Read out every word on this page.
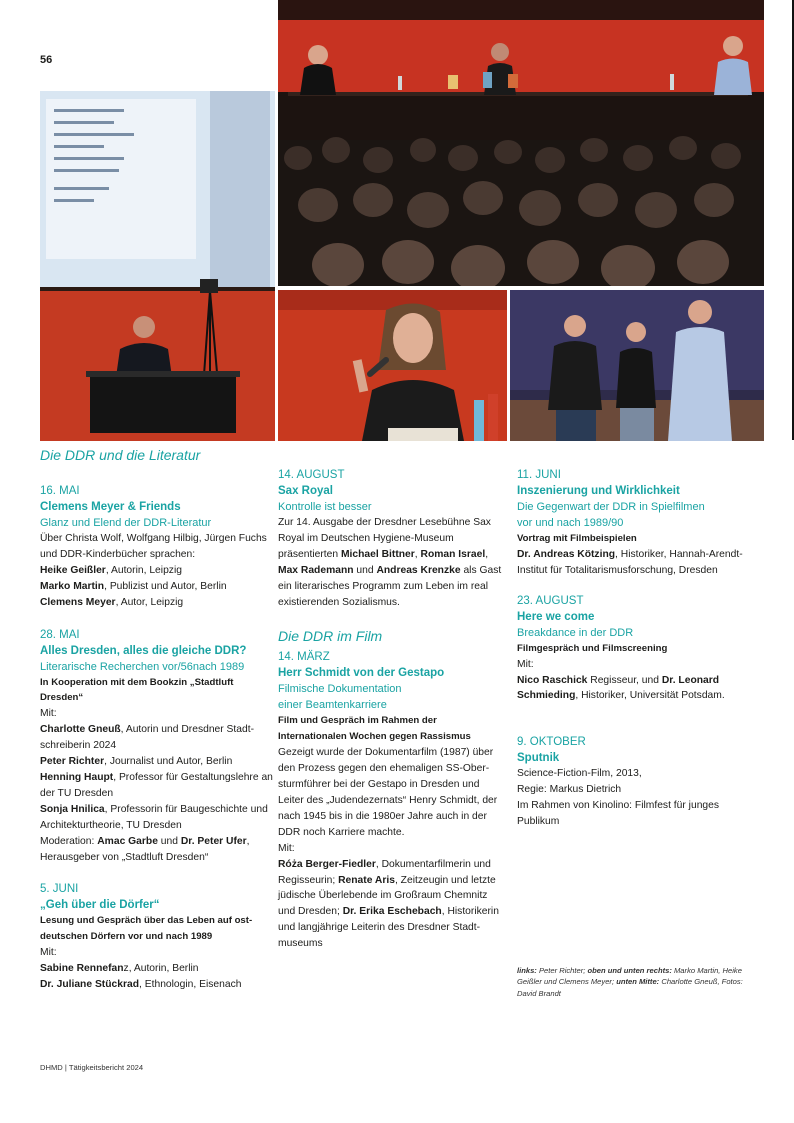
56

Die DDR und die Literatur

16. MAI

Clemens Meyer & Friends

Glanz und Elend der DDR-Literatur

Über Christa Wolf, Wolfgang Hilbig, Jürgen Fuchs und DDR-Kinderbücher sprachen:

Heike Geißler, Autorin, Leipzig

Marko Martin, Publizist und Autor, Berlin

Clemens Meyer, Autor, Leipzig

28. MAI

Alles Dresden, alles die gleiche DDR?

Literarische Recherchen vor/56nach 1989

In Kooperation mit dem Bookzin „Stadtluft Dresden“

Mit:

Charlotte Gneuß, Autorin und Dresdner Stadtschreiberin 2024

Peter Richter, Journalist und Autor, Berlin

Henning Haupt, Professor für Gestaltungslehre an der TU Dresden

Sonja Hnilica, Professorin für Baugeschichte und Architekturtheorie, TU Dresden

Moderation: Amac Garbe und Dr. Peter Ufer, Herausgeber von „Stadtluft Dresden“

5. JUNI

„Geh über die Dörfer“

Lesung und Gespräch über das Leben auf ostdeutschen Dörfern vor und nach 1989

Mit:

Sabine Rennefanz, Autorin, Berlin

Dr. Juliane Stückrad, Ethnologin, Eisenach

14. AUGUST

Sax Royal

Kontrolle ist besser

Zur 14. Ausgabe der Dresdner Lesebühne Sax Royal im Deutschen Hygiene-Museum präsentierten Michael Bittner, Roman Israel, Max Rademann und Andreas Krenzke als Gast ein literarisches Programm zum Leben im real existierenden Sozialismus.

Die DDR im Film

14. MÄRZ

Herr Schmidt von der Gestapo

Filmische Dokumentation einer Beamtenkarriere

Film und Gespräch im Rahmen der Internationalen Wochen gegen Rassismus

Gezeigt wurde der Dokumentarfilm (1987) über den Prozess gegen den ehemaligen SS-Obersturmführer bei der Gestapo in Dresden und Leiter des „Judendezernats“ Henry Schmidt, der nach 1945 bis in die 1980er Jahre auch in der DDR noch Karriere machte.

Mit:

Róża Berger-Fiedler, Dokumentarfilmerin und Regisseurin; Renate Aris, Zeitzeugin und letzte jüdische Überlebende im Großraum Chemnitz und Dresden; Dr. Erika Eschebach, Historikerin und langjährige Leiterin des Dresdner Stadtmuseums

11. JUNI

Inszenierung und Wirklichkeit

Die Gegenwart der DDR in Spielfilmen vor und nach 1989/90

Vortrag mit Filmbeispielen

Dr. Andreas Kötzing, Historiker, Hannah-Arendt-Institut für Totalitarismusforschung, Dresden

23. AUGUST

Here we come

Breakdance in der DDR

Filmgespräch und Filmscreening

Mit:

Nico Raschick Regisseur, und Dr. Leonard Schmieding, Historiker, Universität Potsdam.

9. OKTOBER

Sputnik

Science-Fiction-Film, 2013,

Regie: Markus Dietrich

Im Rahmen von Kinolino: Filmfest für junges Publikum

links: Peter Richter; oben und unten rechts: Marko Martin, Heike Geißler und Clemens Meyer; unten Mitte: Charlotte Gneuß, Fotos: David Brandt
DHMD | Tätigkeitsbericht 2024
